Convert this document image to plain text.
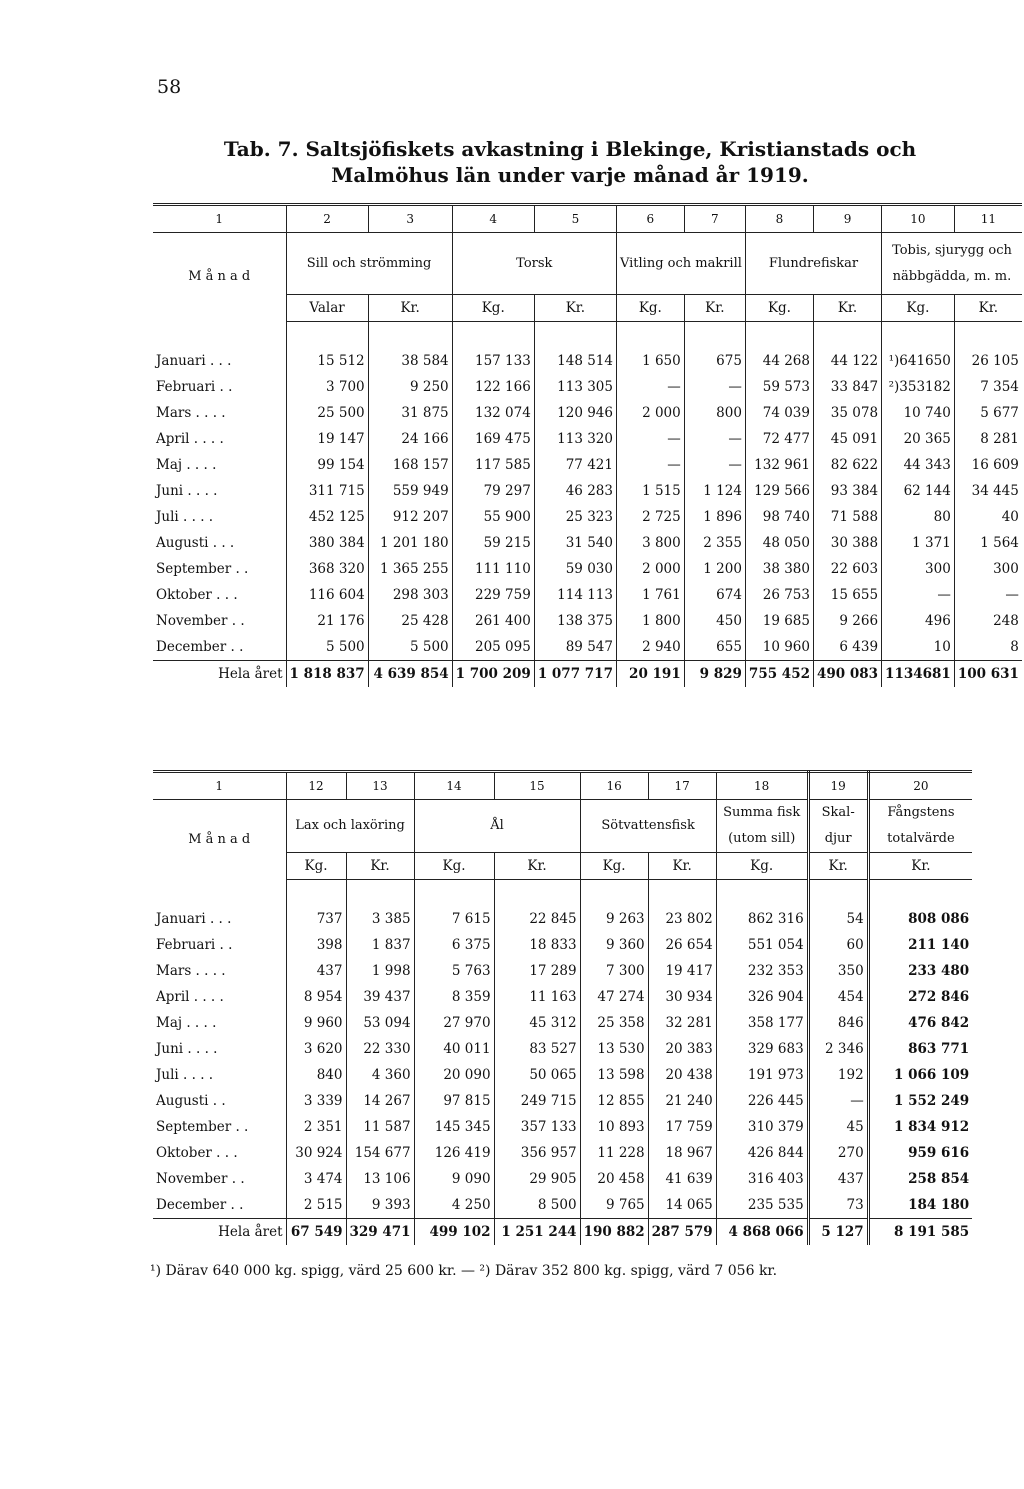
58
Tab. 7. Saltsjöfiskets avkastning i Blekinge, Kristianstads och Malmöhus län under varje månad år 1919.
1	2	3	4	5	6	7	8	9	10	11
M å n a d	Sill och strömming		Torsk		Vitling och makrill		Flundrefiskar		Tobis, sjurygg och näbbgädda, m. m.	
	Valar	Kr.	Kg.	Kr.	Kg.	Kr.	Kg.	Kr.	Kg.	Kr.

Januari . . .	15 512	38 584	157 133	148 514	1 650	675	44 268	44 122	¹)641650	26 105
Februari . .	3 700	9 250	122 166	113 305	—	—	59 573	33 847	²)353182	7 354
Mars . . . .	25 500	31 875	132 074	120 946	2 000	800	74 039	35 078	10 740	5 677
April . . . .	19 147	24 166	169 475	113 320	—	—	72 477	45 091	20 365	8 281
Maj . . . .	99 154	168 157	117 585	77 421	—	—	132 961	82 622	44 343	16 609
Juni . . . .	311 715	559 949	79 297	46 283	1 515	1 124	129 566	93 384	62 144	34 445
Juli . . . .	452 125	912 207	55 900	25 323	2 725	1 896	98 740	71 588	80	40
Augusti . . .	380 384	1 201 180	59 215	31 540	3 800	2 355	48 050	30 388	1 371	1 564
September . .	368 320	1 365 255	111 110	59 030	2 000	1 200	38 380	22 603	300	300
Oktober . . .	116 604	298 303	229 759	114 113	1 761	674	26 753	15 655	—	—
November . .	21 176	25 428	261 400	138 375	1 800	450	19 685	9 266	496	248
December . .	5 500	5 500	205 095	89 547	2 940	655	10 960	6 439	10	8
Hela året	1 818 837	4 639 854	1 700 209	1 077 717	20 191	9 829	755 452	490 083	1134681	100 631
1	12	13	14	15	16	17	18	19	20
M å n a d	Lax och laxöring		Ål		Sötvattensfisk		Summa fisk (utom sill)	Skal-djur	Fångstens totalvärde
	Kg.	Kr.	Kg.	Kr.	Kg.	Kr.	Kg.	Kr.	Kr.

Januari . . .	737	3 385	7 615	22 845	9 263	23 802	862 316	54	808 086
Februari . .	398	1 837	6 375	18 833	9 360	26 654	551 054	60	211 140
Mars . . . .	437	1 998	5 763	17 289	7 300	19 417	232 353	350	233 480
April . . . .	8 954	39 437	8 359	11 163	47 274	30 934	326 904	454	272 846
Maj . . . .	9 960	53 094	27 970	45 312	25 358	32 281	358 177	846	476 842
Juni . . . .	3 620	22 330	40 011	83 527	13 530	20 383	329 683	2 346	863 771
Juli . . . .	840	4 360	20 090	50 065	13 598	20 438	191 973	192	1 066 109
Augusti . .	3 339	14 267	97 815	249 715	12 855	21 240	226 445	—	1 552 249
September . .	2 351	11 587	145 345	357 133	10 893	17 759	310 379	45	1 834 912
Oktober . . .	30 924	154 677	126 419	356 957	11 228	18 967	426 844	270	959 616
November . .	3 474	13 106	9 090	29 905	20 458	41 639	316 403	437	258 854
December . .	2 515	9 393	4 250	8 500	9 765	14 065	235 535	73	184 180
Hela året	67 549	329 471	499 102	1 251 244	190 882	287 579	4 868 066	5 127	8 191 585
¹) Därav 640 000 kg. spigg, värd 25 600 kr. — ²) Därav 352 800 kg. spigg, värd 7 056 kr.
